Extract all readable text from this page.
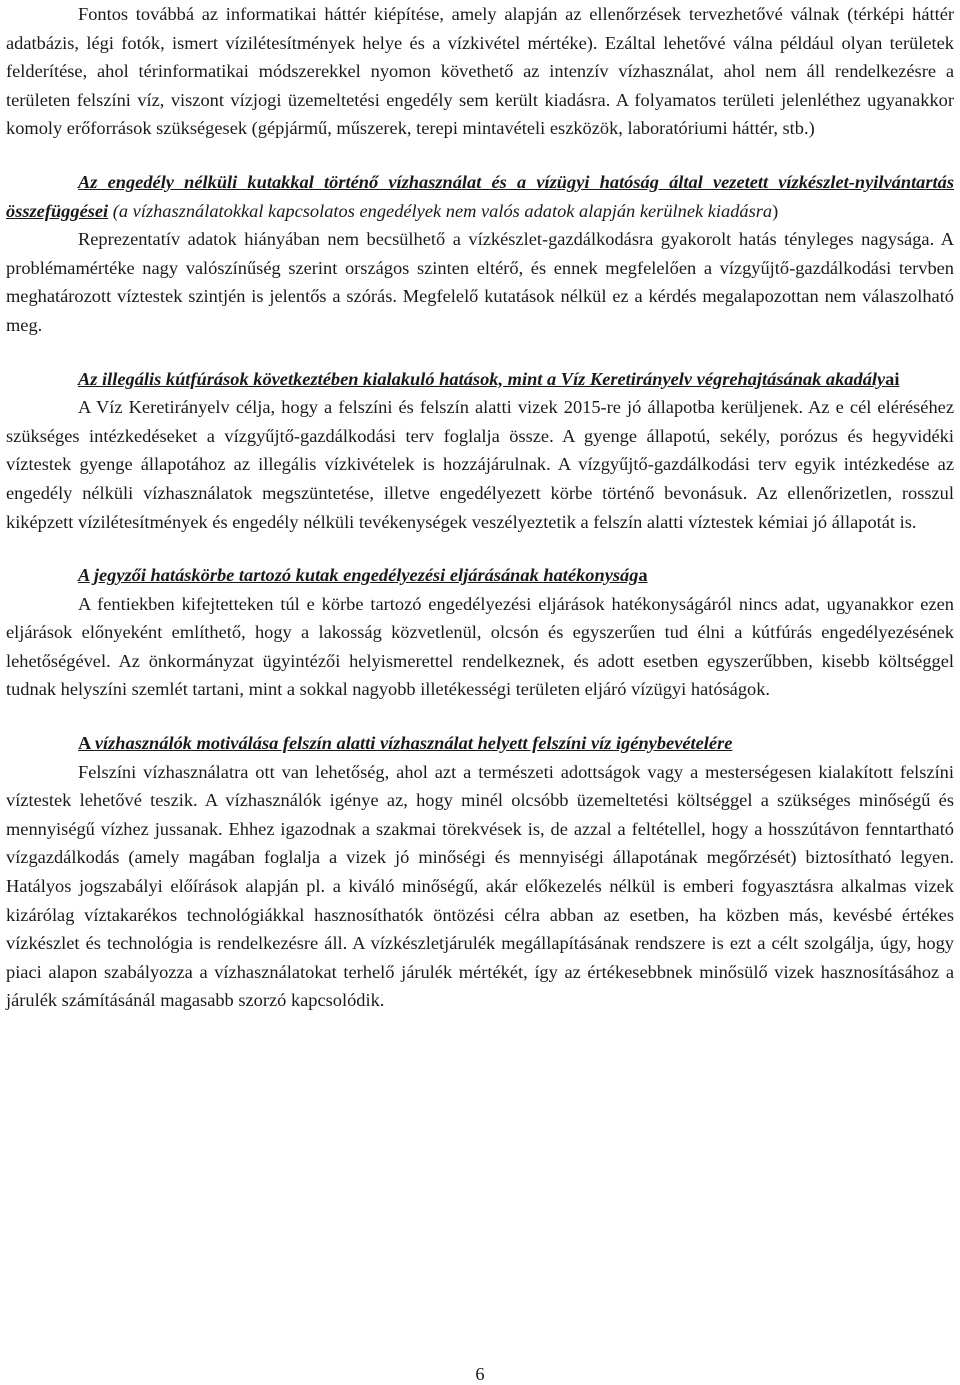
Fontos továbbá az informatikai háttér kiépítése, amely alapján az ellenőrzések tervezhetővé válnak (térképi háttér adatbázis, légi fotók, ismert vízilétesítmények helye és a vízkivétel mértéke). Ezáltal lehetővé válna például olyan területek felderítése, ahol térinformatikai módszerekkel nyomon követhető az intenzív vízhasználat, ahol nem áll rendelkezésre a területen felszíni víz, viszont vízjogi üzemeltetési engedély sem került kiadásra. A folyamatos területi jelenléthez ugyanakkor komoly erőforrások szükségesek (gépjármű, műszerek, terepi mintavételi eszközök, laboratóriumi háttér, stb.)

Az engedély nélküli kutakkal történő vízhasználat és a vízügyi hatóság által vezetett vízkészlet-nyilvántartás összefüggései (a vízhasználatokkal kapcsolatos engedélyek nem valós adatok alapján kerülnek kiadásra)

Reprezentatív adatok hiányában nem becsülhető a vízkészlet-gazdálkodásra gyakorolt hatás tényleges nagysága. A problémamértéke nagy valószínűség szerint országos szinten eltérő, és ennek megfelelően a vízgyűjtő-gazdálkodási tervben meghatározott víztestek szintjén is jelentős a szórás. Megfelelő kutatások nélkül ez a kérdés megalapozottan nem válaszolható meg.

Az illegális kútfúrások következtében kialakuló hatások, mint a Víz Keretirányelv végrehajtásának akadályai

A Víz Keretirányelv célja, hogy a felszíni és felszín alatti vizek 2015-re jó állapotba kerüljenek. Az e cél eléréséhez szükséges intézkedéseket a vízgyűjtő-gazdálkodási terv foglalja össze. A gyenge állapotú, sekély, porózus és hegyvidéki víztestek gyenge állapotához az illegális vízkivételek is hozzájárulnak. A vízgyűjtő-gazdálkodási terv egyik intézkedése az engedély nélküli vízhasználatok megszüntetése, illetve engedélyezett körbe történő bevonásuk. Az ellenőrizetlen, rosszul kiképzett vízilétesítmények és engedély nélküli tevékenységek veszélyeztetik a felszín alatti víztestek kémiai jó állapotát is.

A jegyzői hatáskörbe tartozó kutak engedélyezési eljárásának hatékonysága

A fentiekben kifejtetteken túl e körbe tartozó engedélyezési eljárások hatékonyságáról nincs adat, ugyanakkor ezen eljárások előnyeként említhető, hogy a lakosság közvetlenül, olcsón és egyszerűen tud élni a kútfúrás engedélyezésének lehetőségével. Az önkormányzat ügyintézői helyismerettel rendelkeznek, és adott esetben egyszerűbben, kisebb költséggel tudnak helyszíni szemlét tartani, mint a sokkal nagyobb illetékességi területen eljáró vízügyi hatóságok.

A vízhasználók motiválása felszín alatti vízhasználat helyett felszíni víz igénybevételére

Felszíni vízhasználatra ott van lehetőség, ahol azt a természeti adottságok vagy a mesterségesen kialakított felszíni víztestek lehetővé teszik. A vízhasználók igénye az, hogy minél olcsóbb üzemeltetési költséggel a szükséges minőségű és mennyiségű vízhez jussanak. Ehhez igazodnak a szakmai törekvések is, de azzal a feltétellel, hogy a hosszútávon fenntartható vízgazdálkodás (amely magában foglalja a vizek jó minőségi és mennyiségi állapotának megőrzését) biztosítható legyen. Hatályos jogszabályi előírások alapján pl. a kiváló minőségű, akár előkezelés nélkül is emberi fogyasztásra alkalmas vizek kizárólag víztakarékos technológiákkal hasznosíthatók öntözési célra abban az esetben, ha közben más, kevésbé értékes vízkészlet és technológia is rendelkezésre áll. A vízkészletjárulék megállapításának rendszere is ezt a célt szolgálja, úgy, hogy piaci alapon szabályozza a vízhasználatokat terhelő járulék mértékét, így az értékesebbnek minősülő vizek hasznosításához a járulék számításánál magasabb szorzó kapcsolódik.

6
